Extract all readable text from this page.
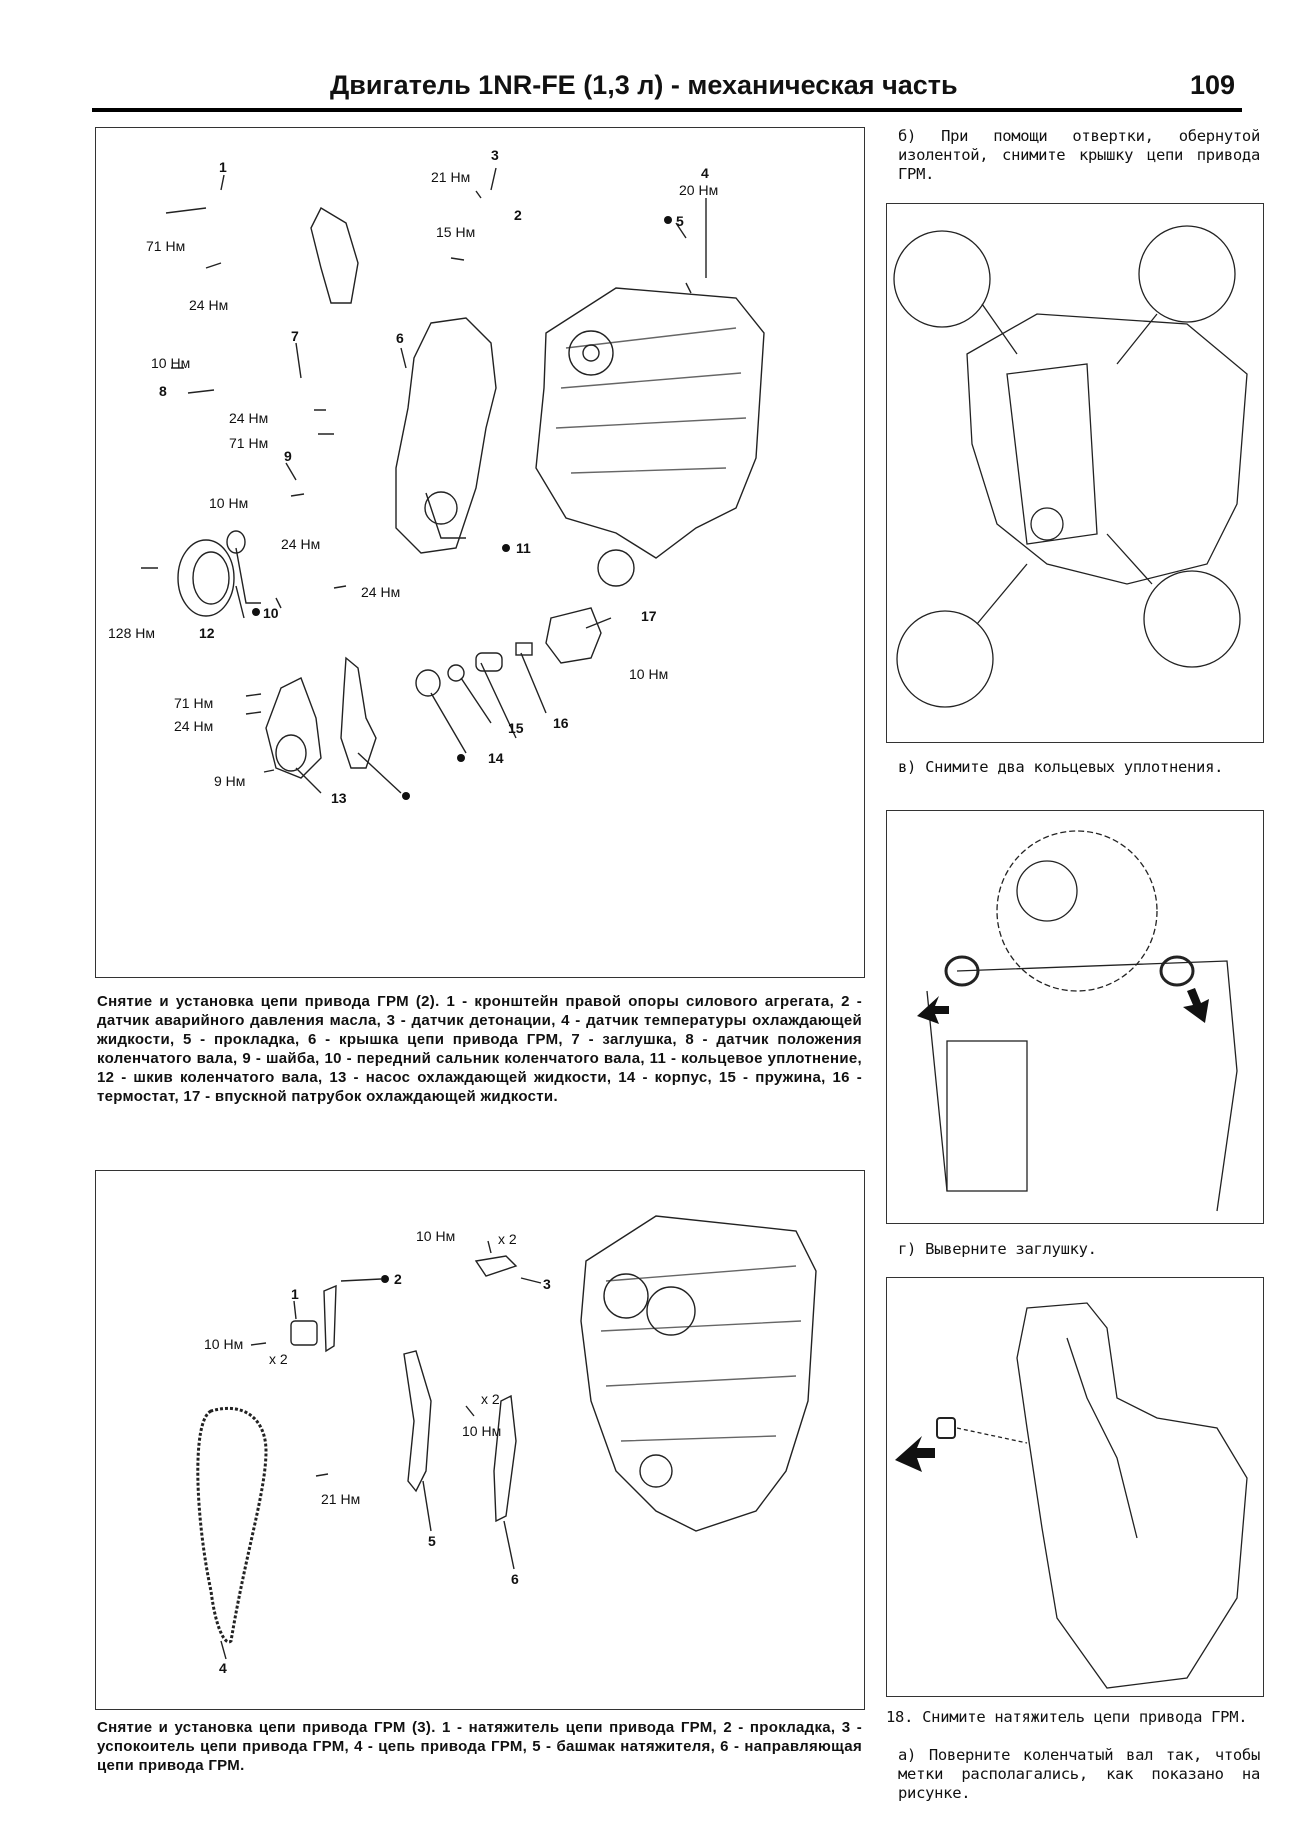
Двигатель 1NR-FE (1,3 л) - механическая часть	109
1
2
3
4
5
6
7
8
9
10
11
12
13
14
15 16
17
71 Нм
24 Нм
21 Нм
15 Нм
20 Нм
10 Нм
24 Нм
71 Нм
10 Нм
24 Нм
24 Нм
128 Нм
10 Нм
71 Нм
24 Нм
9 Нм
Снятие и установка цепи привода ГРМ (2). 1 - кронштейн правой опоры силового агрегата, 2 - датчик аварийного давления масла, 3 - датчик детонации, 4 - датчик температуры охлаждающей жидкости, 5 - прокладка, 6 - крышка цепи привода ГРМ, 7 - заглушка, 8 - датчик положения коленчатого вала, 9 - шайба, 10 - передний сальник коленчатого вала, 11 - кольцевое уплотнение, 12 - шкив коленчатого вала, 13 - насос охлаждающей жидкости, 14 - корпус, 15 - пружина, 16 - термостат, 17 - впускной патрубок охлаждающей жидкости.
1
2	3
4
5
6
10 Нм	x 2
10 Нм
x 2
10 Нм
x 2
21 Нм
Снятие и установка цепи привода ГРМ (3). 1 - натяжитель цепи привода ГРМ, 2 - прокладка, 3 - успокоитель цепи привода ГРМ, 4 - цепь привода ГРМ, 5 - башмак натяжителя, 6 - направляющая цепи привода ГРМ.
б) При помощи отвертки, обернутой изолентой, снимите крышку цепи привода ГРМ.
в) Снимите два кольцевых уплотнения.
г) Выверните заглушку.
18. Снимите натяжитель цепи привода ГРМ.
а) Поверните коленчатый вал так, чтобы метки располагались, как показано на рисунке.
